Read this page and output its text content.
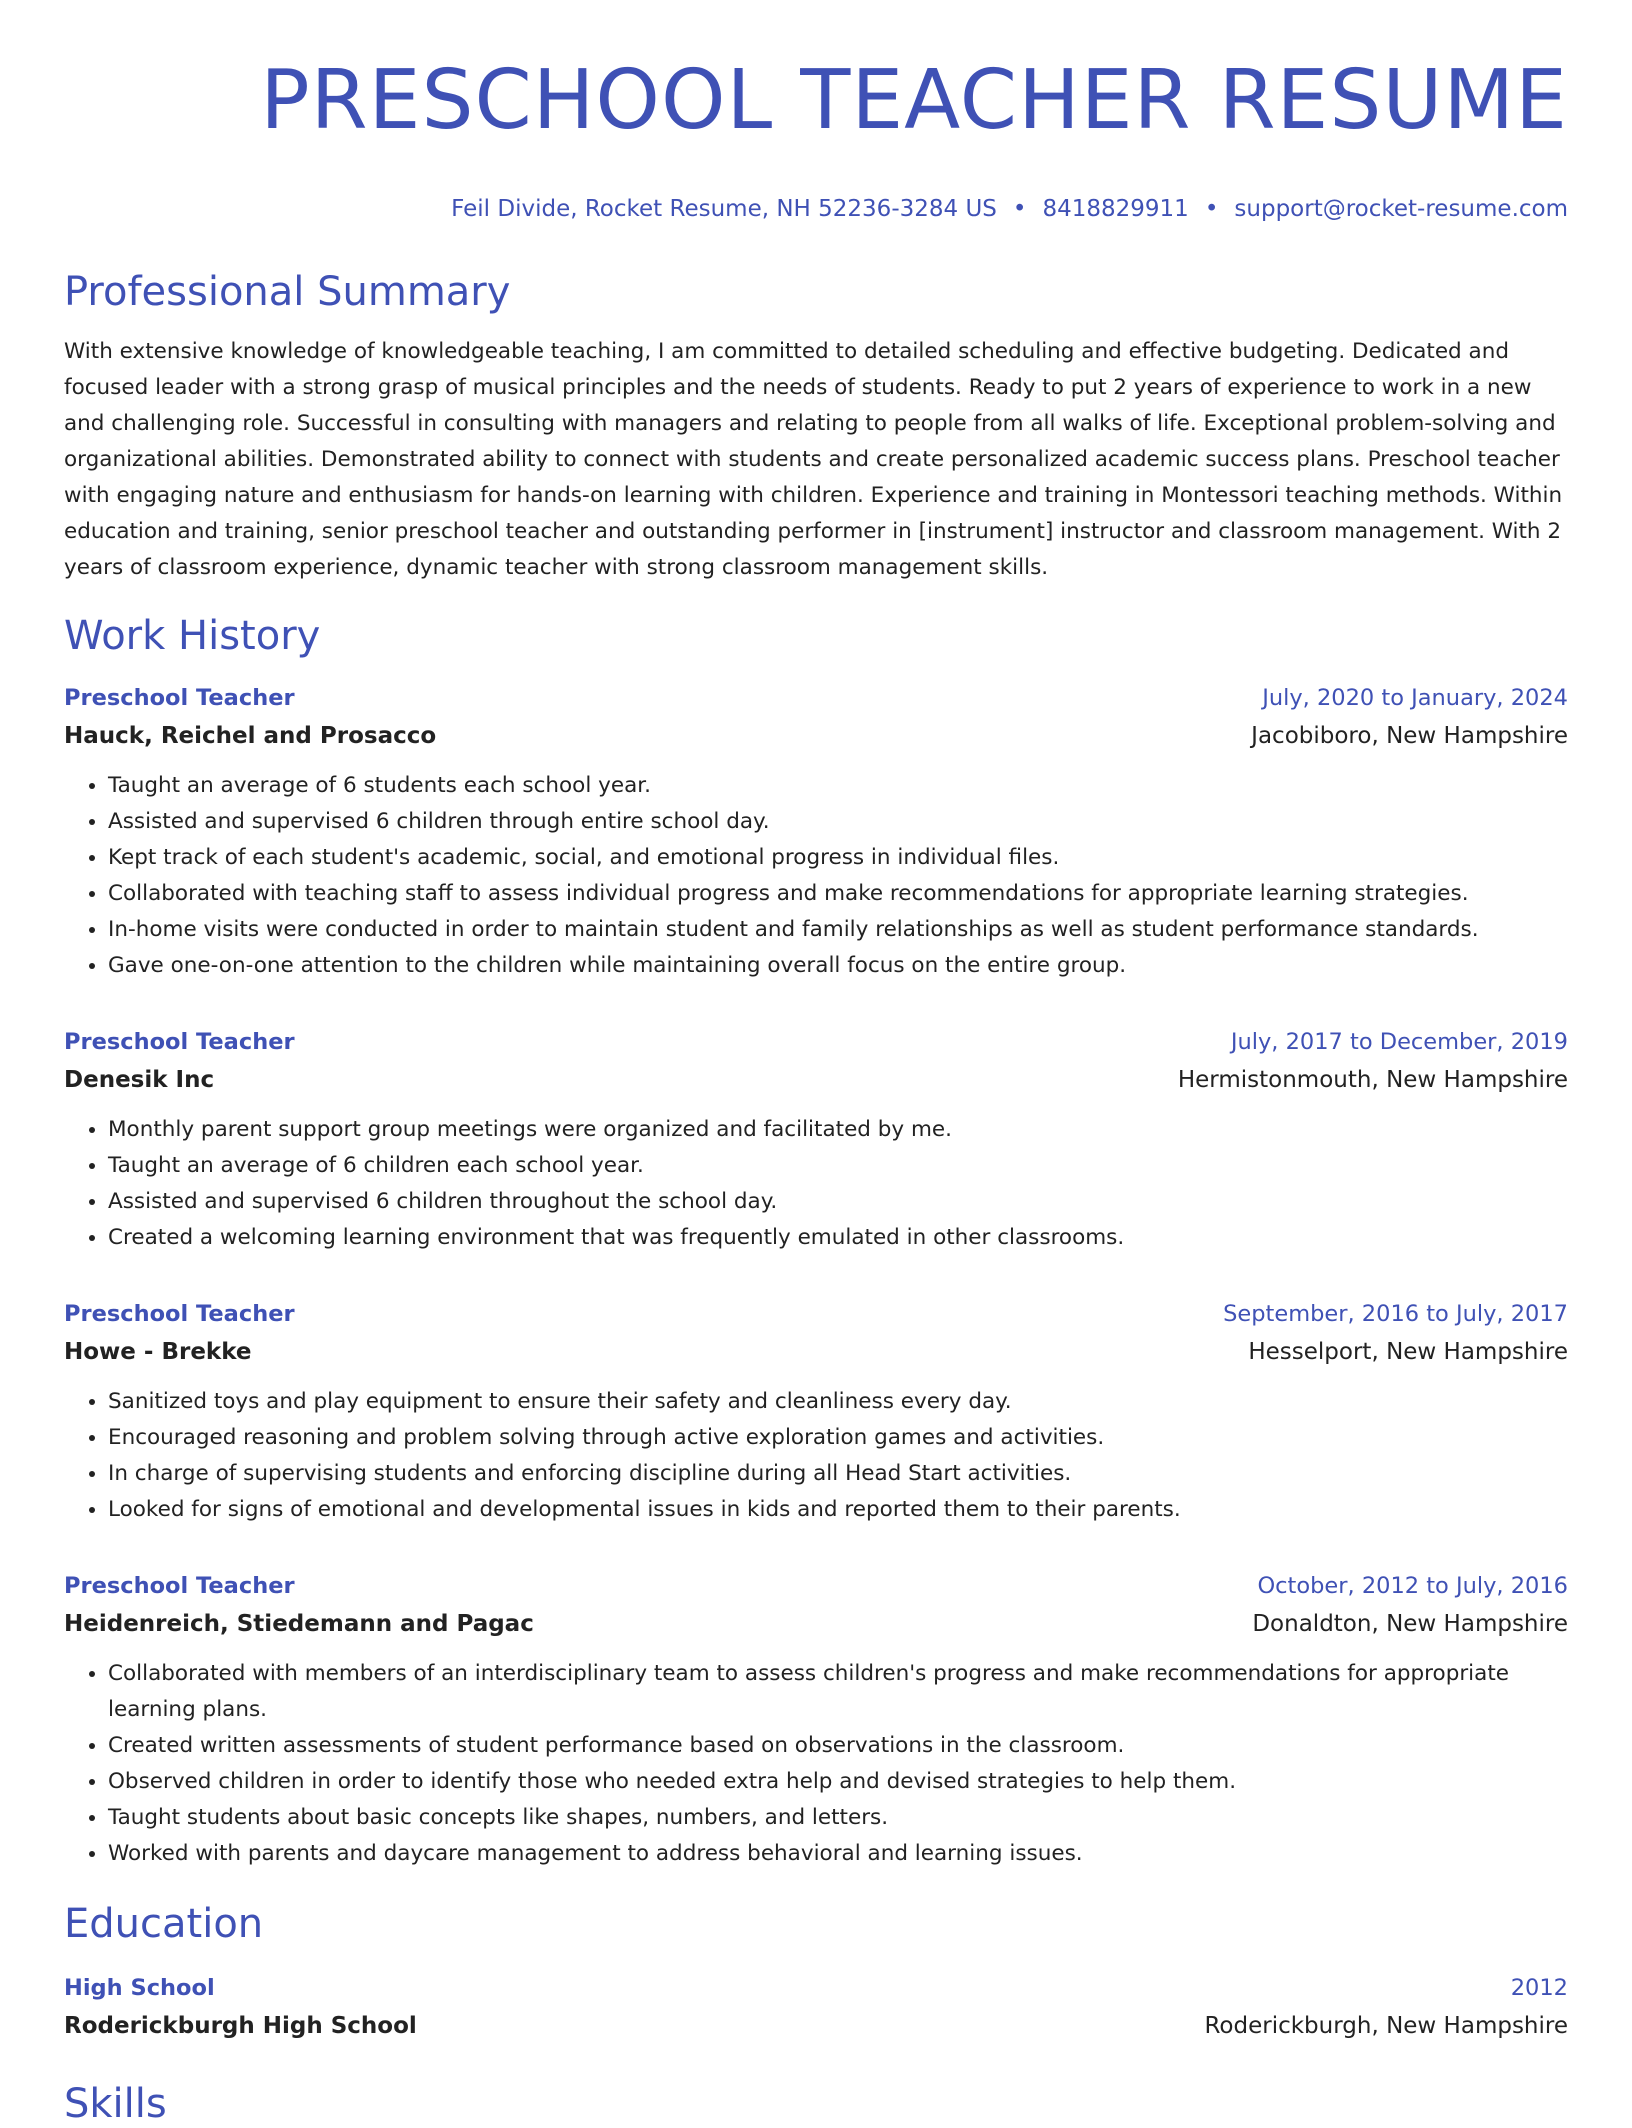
PRESCHOOL TEACHER RESUME
Feil Divide, Rocket Resume, NH 52236-3284 US • 8418829911 • support@rocket-resume.com
Professional Summary

With extensive knowledge of knowledgeable teaching, I am committed to detailed scheduling and effective budgeting. Dedicated and focused leader with a strong grasp of musical principles and the needs of students. Ready to put 2 years of experience to work in a new and challenging role. Successful in consulting with managers and relating to people from all walks of life. Exceptional problem-solving and organizational abilities. Demonstrated ability to connect with students and create personalized academic success plans. Preschool teacher with engaging nature and enthusiasm for hands-on learning with children. Experience and training in Montessori teaching methods. Within education and training, senior preschool teacher and outstanding performer in [instrument] instructor and classroom management. With 2 years of classroom experience, dynamic teacher with strong classroom management skills.

Work History
Preschool Teacher	July, 2020 to January, 2024
Hauck, Reichel and Prosacco	Jacobiboro, New Hampshire
• Taught an average of 6 students each school year.
• Assisted and supervised 6 children through entire school day.
• Kept track of each student's academic, social, and emotional progress in individual files.
• Collaborated with teaching staff to assess individual progress and make recommendations for appropriate learning strategies.
• In-home visits were conducted in order to maintain student and family relationships as well as student performance standards.
• Gave one-on-one attention to the children while maintaining overall focus on the entire group.
Preschool Teacher	July, 2017 to December, 2019
Denesik Inc	Hermistonmouth, New Hampshire
• Monthly parent support group meetings were organized and facilitated by me.
• Taught an average of 6 children each school year.
• Assisted and supervised 6 children throughout the school day.
• Created a welcoming learning environment that was frequently emulated in other classrooms.
Preschool Teacher	September, 2016 to July, 2017
Howe - Brekke	Hesselport, New Hampshire
• Sanitized toys and play equipment to ensure their safety and cleanliness every day.
• Encouraged reasoning and problem solving through active exploration games and activities.
• In charge of supervising students and enforcing discipline during all Head Start activities.
• Looked for signs of emotional and developmental issues in kids and reported them to their parents.
Preschool Teacher	October, 2012 to July, 2016
Heidenreich, Stiedemann and Pagac	Donaldton, New Hampshire
• Collaborated with members of an interdisciplinary team to assess children's progress and make recommendations for appropriate learning plans.
• Created written assessments of student performance based on observations in the classroom.
• Observed children in order to identify those who needed extra help and devised strategies to help them.
• Taught students about basic concepts like shapes, numbers, and letters.
• Worked with parents and daycare management to address behavioral and learning issues.
Education
High School	2012
Roderickburgh High School	Roderickburgh, New Hampshire
Skills
